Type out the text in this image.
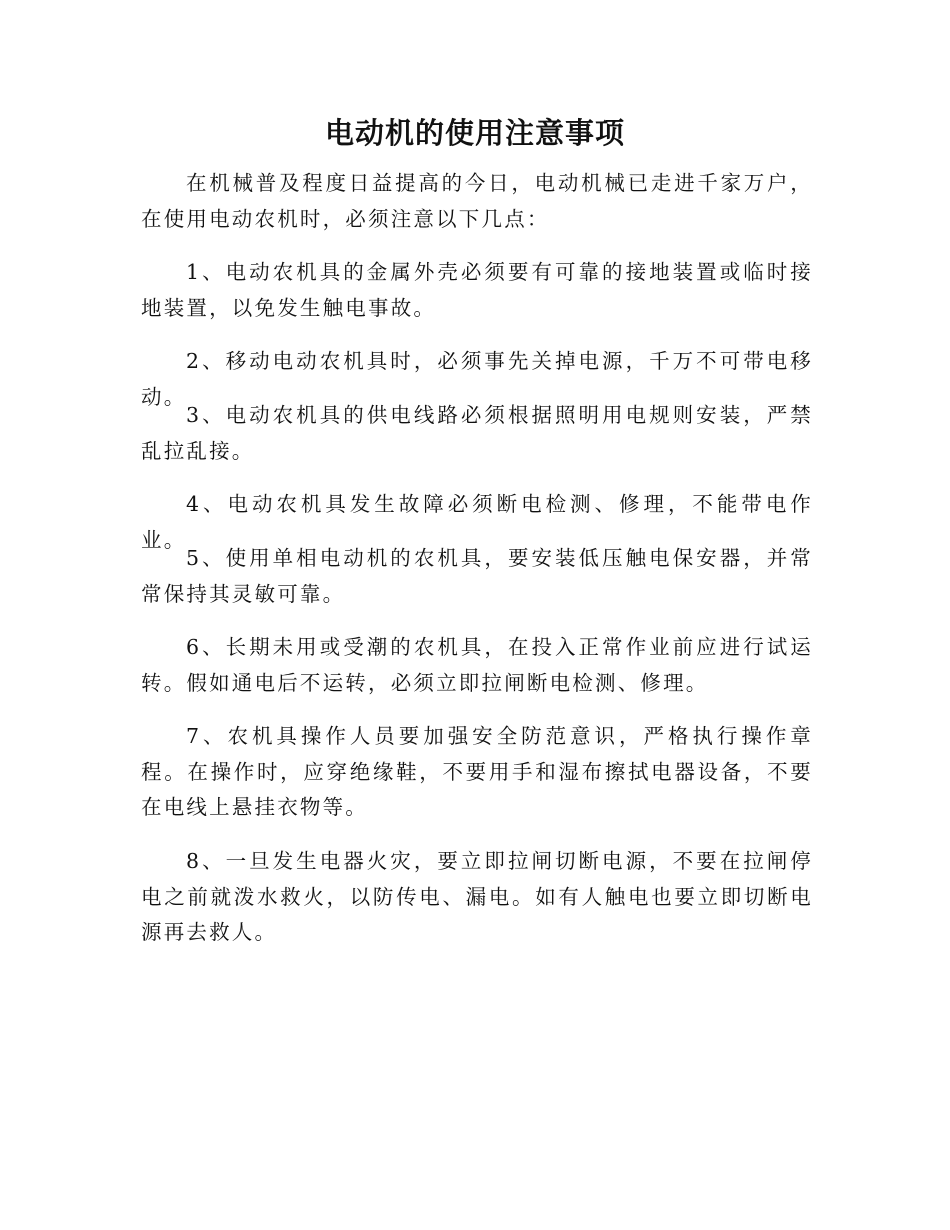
电动机的使用注意事项

在机械普及程度日益提高的今日，电动机械已走进千家万户，在使用电动农机时，必须注意以下几点：

1、电动农机具的金属外壳必须要有可靠的接地装置或临时接地装置，以免发生触电事故。

2、移动电动农机具时，必须事先关掉电源，千万不可带电移动。

3、电动农机具的供电线路必须根据照明用电规则安装，严禁乱拉乱接。

4、电动农机具发生故障必须断电检测、修理，不能带电作业。

5、使用单相电动机的农机具，要安装低压触电保安器，并常常保持其灵敏可靠。

6、长期未用或受潮的农机具，在投入正常作业前应进行试运转。假如通电后不运转，必须立即拉闸断电检测、修理。

7、农机具操作人员要加强安全防范意识，严格执行操作章程。在操作时，应穿绝缘鞋，不要用手和湿布擦拭电器设备，不要在电线上悬挂衣物等。

8、一旦发生电器火灾，要立即拉闸切断电源，不要在拉闸停电之前就泼水救火，以防传电、漏电。如有人触电也要立即切断电源再去救人。
